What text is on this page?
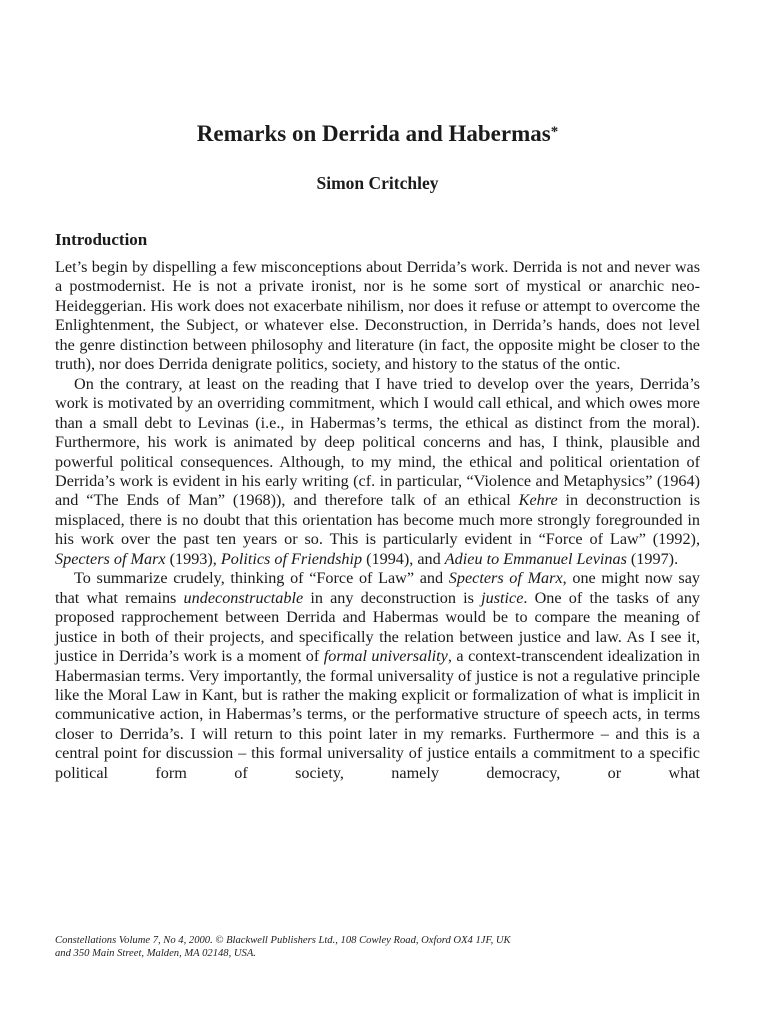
Remarks on Derrida and Habermas*
Simon Critchley
Introduction

Let’s begin by dispelling a few misconceptions about Derrida’s work. Derrida is not and never was a postmodernist. He is not a private ironist, nor is he some sort of mystical or anarchic neo-Heideggerian. His work does not exacerbate nihilism, nor does it refuse or attempt to overcome the Enlightenment, the Subject, or whatever else. Deconstruction, in Derrida’s hands, does not level the genre distinction between philosophy and literature (in fact, the opposite might be closer to the truth), nor does Derrida denigrate politics, society, and history to the status of the ontic.

On the contrary, at least on the reading that I have tried to develop over the years, Derrida’s work is motivated by an overriding commitment, which I would call ethical, and which owes more than a small debt to Levinas (i.e., in Habermas’s terms, the ethical as distinct from the moral). Furthermore, his work is animated by deep political concerns and has, I think, plausible and powerful political consequences. Although, to my mind, the ethical and political orientation of Derrida’s work is evident in his early writing (cf. in particular, “Violence and Metaphysics” (1964) and “The Ends of Man” (1968)), and therefore talk of an ethical Kehre in deconstruction is misplaced, there is no doubt that this orientation has become much more strongly foregrounded in his work over the past ten years or so. This is particularly evident in “Force of Law” (1992), Specters of Marx (1993), Politics of Friendship (1994), and Adieu to Emmanuel Levinas (1997).

To summarize crudely, thinking of “Force of Law” and Specters of Marx, one might now say that what remains undeconstructable in any deconstruction is justice. One of the tasks of any proposed rapprochement between Derrida and Habermas would be to compare the meaning of justice in both of their projects, and specifically the relation between justice and law. As I see it, justice in Derrida’s work is a moment of formal universality, a context-transcendent idealization in Habermasian terms. Very importantly, the formal universality of justice is not a regulative principle like the Moral Law in Kant, but is rather the making explicit or formalization of what is implicit in communicative action, in Habermas’s terms, or the performative structure of speech acts, in terms closer to Derrida’s. I will return to this point later in my remarks. Furthermore – and this is a central point for discussion – this formal universality of justice entails a commitment to a specific political form of society, namely democracy, or what

Constellations Volume 7, No 4, 2000. © Blackwell Publishers Ltd., 108 Cowley Road, Oxford OX4 1JF, UK
and 350 Main Street, Malden, MA 02148, USA.
